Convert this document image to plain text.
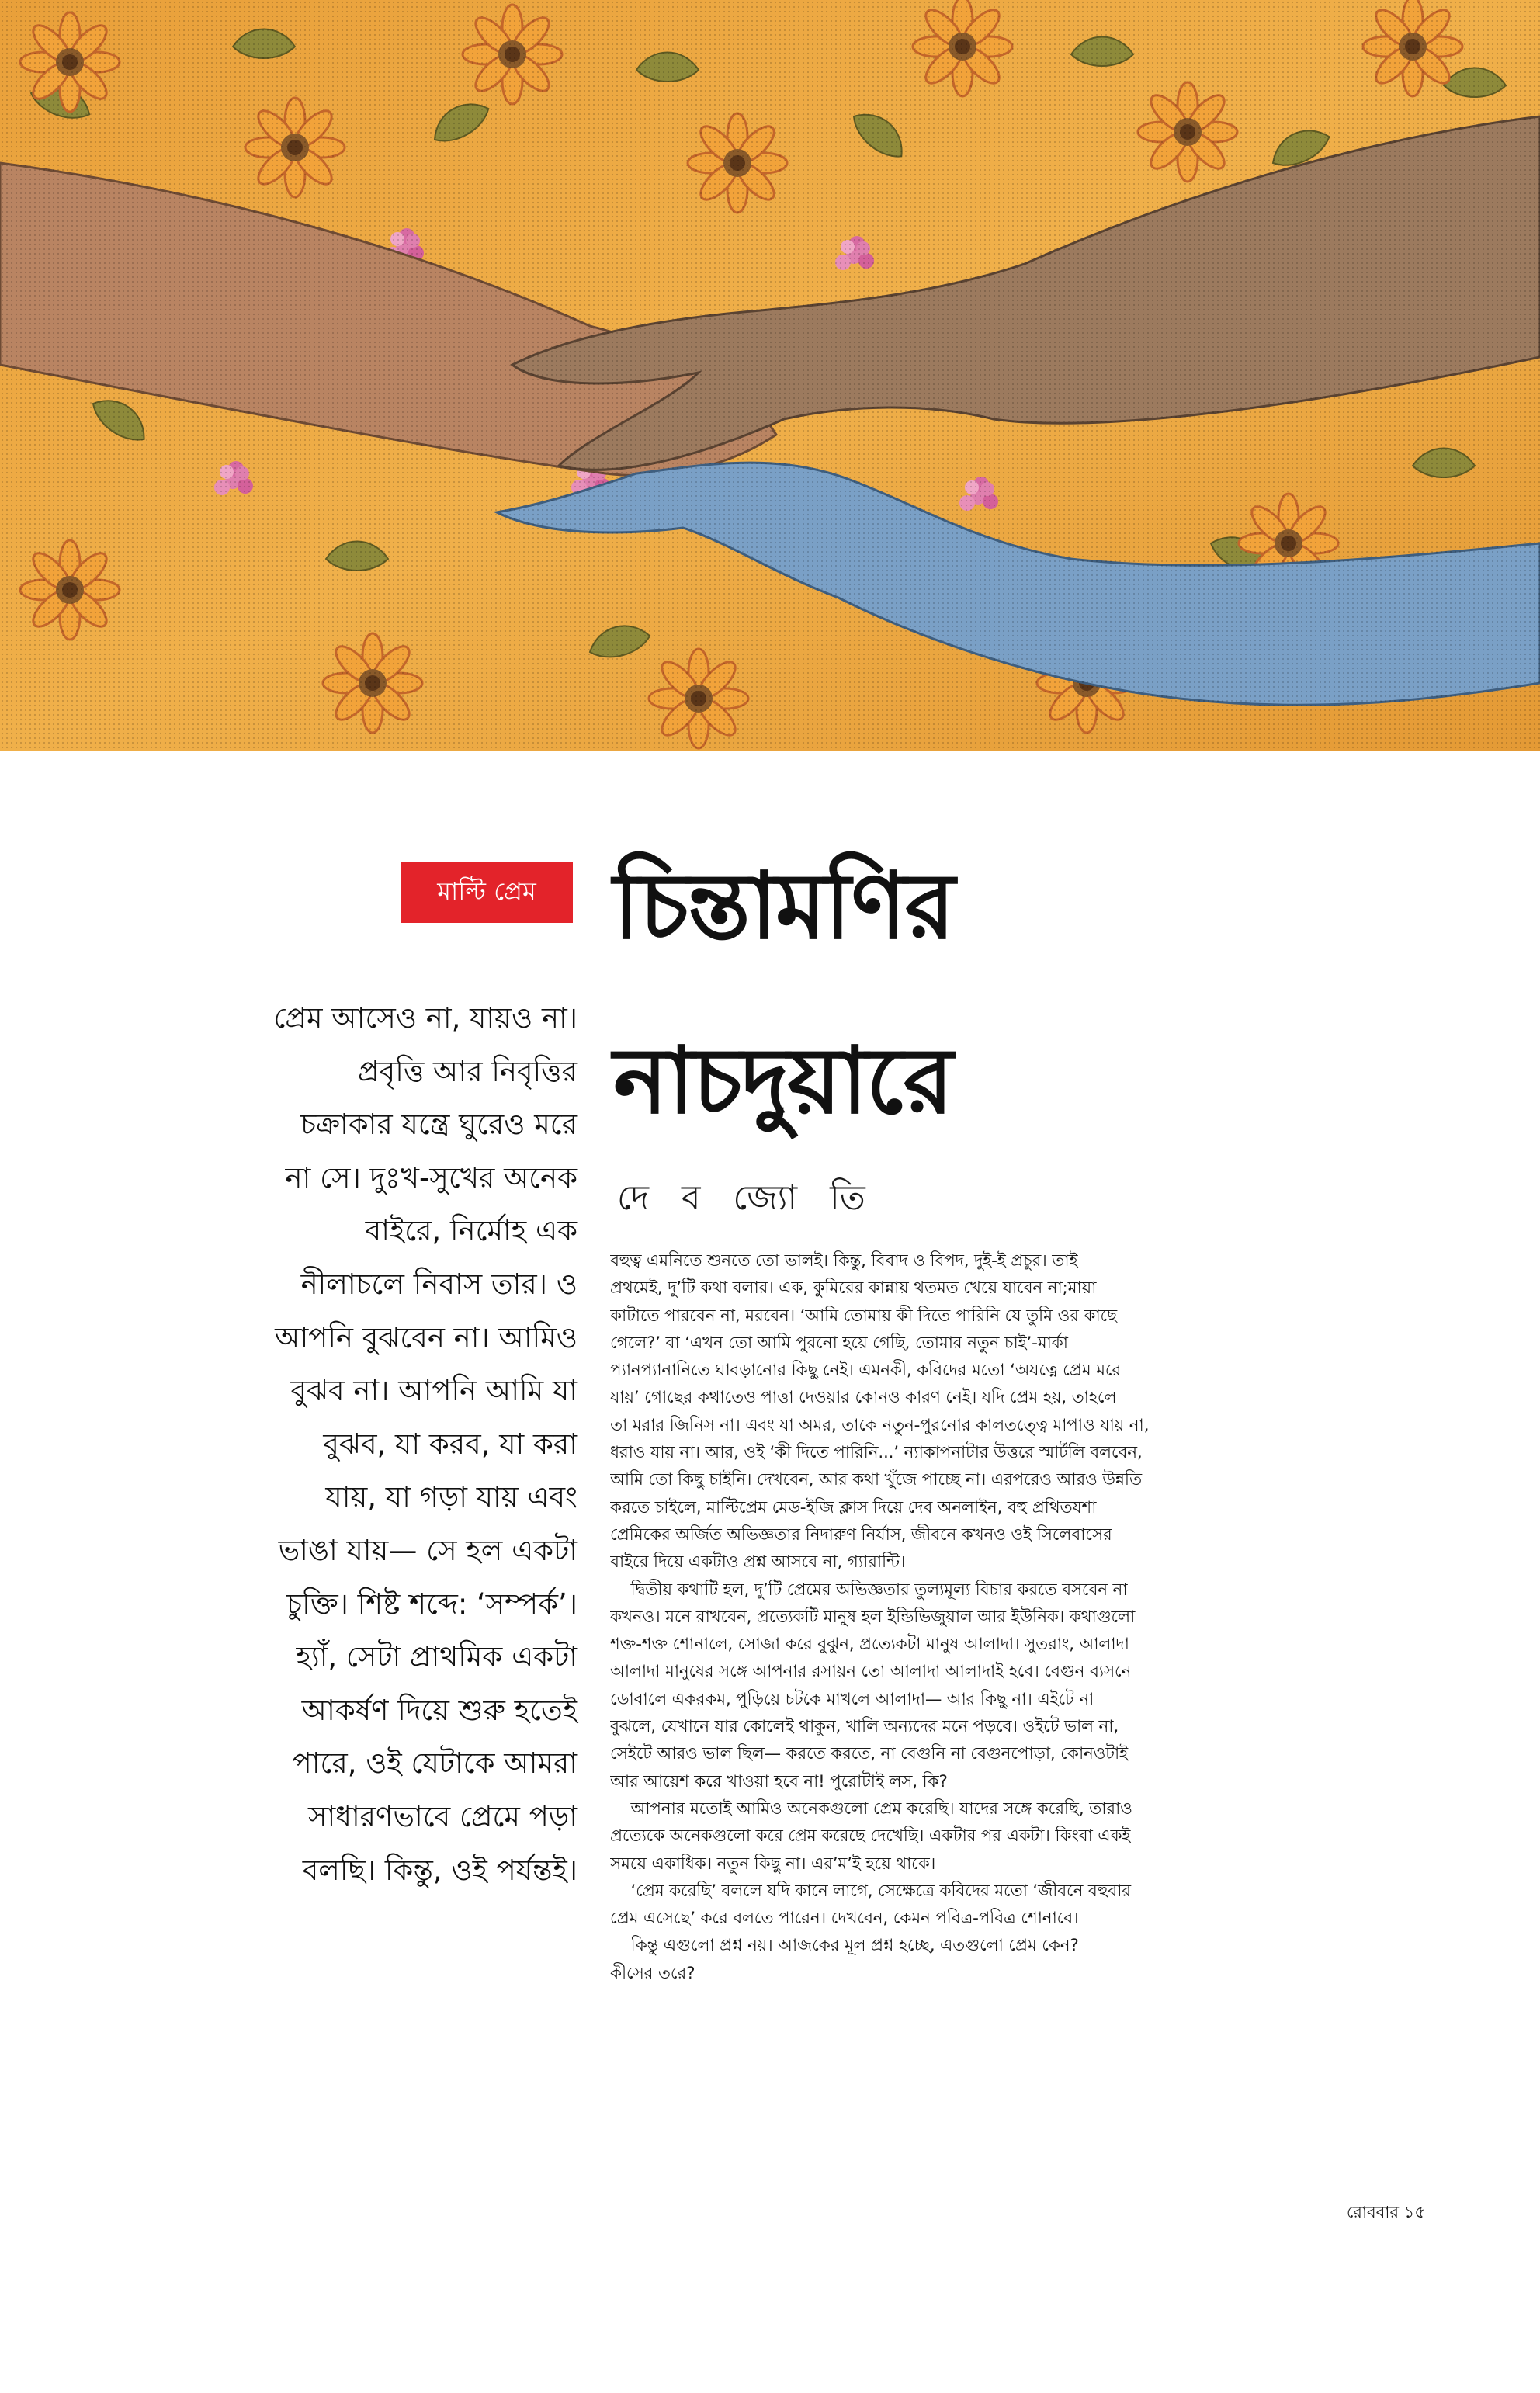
মাল্টি প্রেম চিন্তামণির
নাচদুয়ারে
দে ব জ্যো তি
প্রেম আসেও না, যায়ও না।
প্রবৃত্তি আর নিবৃত্তির
চক্রাকার যন্ত্রে ঘুরেও মরে
না সে। দুঃখ-সুখের অনেক
বাইরে, নির্মোহ এক
নীলাচলে নিবাস তার। ও
আপনি বুঝবেন না। আমিও
বুঝব না। আপনি আমি যা
বুঝব, যা করব, যা করা
যায়, যা গড়া যায় এবং
ভাঙা যায়— সে হল একটা
চুক্তি। শিষ্ট শব্দে: ‘সম্পর্ক’।
হ্যাঁ, সেটা প্রাথমিক একটা
আকর্ষণ দিয়ে শুরু হতেই
পারে, ওই যেটাকে আমরা
সাধারণভাবে প্রেমে পড়া
বলছি। কিন্তু, ওই পর্যন্তই।
বহুত্ব এমনিতে শুনতে তো ভালই। কিন্তু, বিবাদ ও বিপদ, দুই-ই প্রচুর। তাই
প্রথমেই, দু’টি কথা বলার। এক, কুমিরের কান্নায় থতমত খেয়ে যাবেন না;মায়া
কাটাতে পারবেন না, মরবেন। ‘আমি তোমায় কী দিতে পারিনি যে তুমি ওর কাছে
গেলে?’ বা ‘এখন তো আমি পুরনো হয়ে গেছি, তোমার নতুন চাই’-মার্কা
প্যানপ্যানানিতে ঘাবড়ানোর কিছু নেই। এমনকী, কবিদের মতো ‘অযত্নে প্রেম মরে
যায়’ গোছের কথাতেও পাত্তা দেওয়ার কোনও কারণ নেই। যদি প্রেম হয়, তাহলে
তা মরার জিনিস না। এবং যা অমর, তাকে নতুন-পুরনোর কালতত্ত্বে মাপাও যায় না,
ধরাও যায় না। আর, ওই ‘কী দিতে পারিনি...’ ন্যাকাপনাটার উত্তরে স্মার্টলি বলবেন,
আমি তো কিছু চাইনি। দেখবেন, আর কথা খুঁজে পাচ্ছে না। এরপরেও আরও উন্নতি
করতে চাইলে, মাল্টিপ্রেম মেড-ইজি ক্লাস দিয়ে দেব অনলাইন, বহু প্রথিতযশা
প্রেমিকের অর্জিত অভিজ্ঞতার নিদারুণ নির্যাস, জীবনে কখনও ওই সিলেবাসের
বাইরে দিয়ে একটাও প্রশ্ন আসবে না, গ্যারান্টি।
দ্বিতীয় কথাটি হল, দু’টি প্রেমের অভিজ্ঞতার তুল্যমূল্য বিচার করতে বসবেন না
কখনও। মনে রাখবেন, প্রত্যেকটি মানুষ হল ইন্ডিভিজুয়াল আর ইউনিক। কথাগুলো
শক্ত-শক্ত শোনালে, সোজা করে বুঝুন, প্রত্যেকটা মানুষ আলাদা। সুতরাং, আলাদা
আলাদা মানুষের সঙ্গে আপনার রসায়ন তো আলাদা আলাদাই হবে। বেগুন ব্যসনে
ডোবালে একরকম, পুড়িয়ে চটকে মাখলে আলাদা— আর কিছু না। এইটে না
বুঝলে, যেখানে যার কোলেই থাকুন, খালি অন্যদের মনে পড়বে। ওইটে ভাল না,
সেইটে আরও ভাল ছিল— করতে করতে, না বেগুনি না বেগুনপোড়া, কোনওটাই
আর আয়েশ করে খাওয়া হবে না! পুরোটাই লস, কি?
আপনার মতোই আমিও অনেকগুলো প্রেম করেছি। যাদের সঙ্গে করেছি, তারাও
প্রত্যেকে অনেকগুলো করে প্রেম করেছে দেখেছি। একটার পর একটা। কিংবা একই
সময়ে একাধিক। নতুন কিছু না। এর’ম’ই হয়ে থাকে।
‘প্রেম করেছি’ বললে যদি কানে লাগে, সেক্ষেত্রে কবিদের মতো ‘জীবনে বহুবার
প্রেম এসেছে’ করে বলতে পারেন। দেখবেন, কেমন পবিত্র-পবিত্র শোনাবে।
কিন্তু এগুলো প্রশ্ন নয়। আজকের মূল প্রশ্ন হচ্ছে, এতগুলো প্রেম কেন?
কীসের তরে?
রোববার ১৫
